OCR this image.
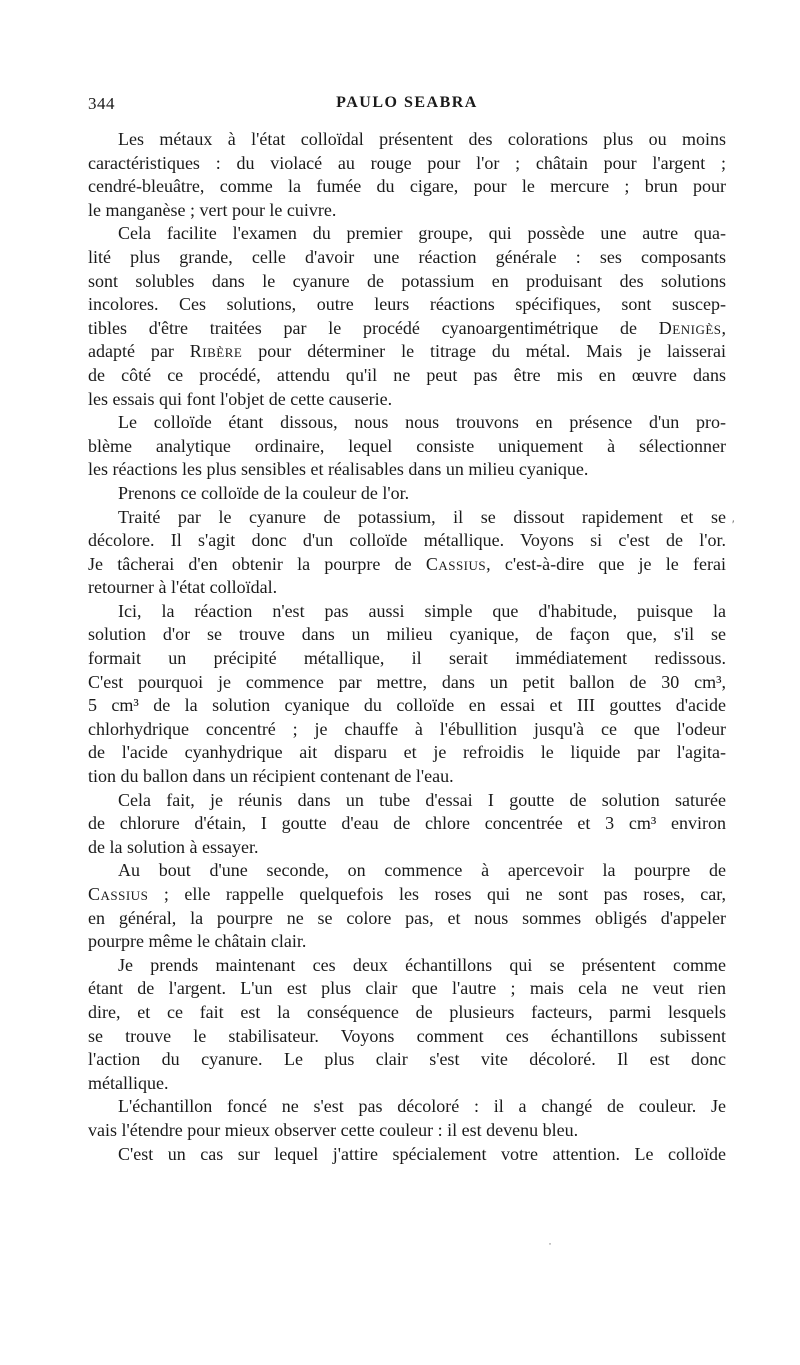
344	PAULO SEABRA
Les métaux à l'état colloïdal présentent des colorations plus ou moins
caractéristiques : du violacé au rouge pour l'or ; châtain pour l'argent ;
cendré-bleuâtre, comme la fumée du cigare, pour le mercure ; brun pour
le manganèse ; vert pour le cuivre.
Cela facilite l'examen du premier groupe, qui possède une autre qua-
lité plus grande, celle d'avoir une réaction générale : ses composants
sont solubles dans le cyanure de potassium en produisant des solutions
incolores. Ces solutions, outre leurs réactions spécifiques, sont suscep-
tibles d'être traitées par le procédé cyanoargentimétrique de Denigès,
adapté par Ribère pour déterminer le titrage du métal. Mais je laisserai
de côté ce procédé, attendu qu'il ne peut pas être mis en œuvre dans
les essais qui font l'objet de cette causerie.
Le colloïde étant dissous, nous nous trouvons en présence d'un pro-
blème analytique ordinaire, lequel consiste uniquement à sélectionner
les réactions les plus sensibles et réalisables dans un milieu cyanique.
Prenons ce colloïde de la couleur de l'or.
Traité par le cyanure de potassium, il se dissout rapidement et se
décolore. Il s'agit donc d'un colloïde métallique. Voyons si c'est de l'or.
Je tâcherai d'en obtenir la pourpre de Cassius, c'est-à-dire que je le ferai
retourner à l'état colloïdal.
Ici, la réaction n'est pas aussi simple que d'habitude, puisque la
solution d'or se trouve dans un milieu cyanique, de façon que, s'il se
formait un précipité métallique, il serait immédiatement redissous.
C'est pourquoi je commence par mettre, dans un petit ballon de 30 cm³,
5 cm³ de la solution cyanique du colloïde en essai et III gouttes d'acide
chlorhydrique concentré ; je chauffe à l'ébullition jusqu'à ce que l'odeur
de l'acide cyanhydrique ait disparu et je refroidis le liquide par l'agita-
tion du ballon dans un récipient contenant de l'eau.
Cela fait, je réunis dans un tube d'essai I goutte de solution saturée
de chlorure d'étain, I goutte d'eau de chlore concentrée et 3 cm³ environ
de la solution à essayer.
Au bout d'une seconde, on commence à apercevoir la pourpre de
Cassius ; elle rappelle quelquefois les roses qui ne sont pas roses, car,
en général, la pourpre ne se colore pas, et nous sommes obligés d'appeler
pourpre même le châtain clair.
Je prends maintenant ces deux échantillons qui se présentent comme
étant de l'argent. L'un est plus clair que l'autre ; mais cela ne veut rien
dire, et ce fait est la conséquence de plusieurs facteurs, parmi lesquels
se trouve le stabilisateur. Voyons comment ces échantillons subissent
l'action du cyanure. Le plus clair s'est vite décoloré. Il est donc
métallique.
L'échantillon foncé ne s'est pas décoloré : il a changé de couleur. Je
vais l'étendre pour mieux observer cette couleur : il est devenu bleu.
C'est un cas sur lequel j'attire spécialement votre attention. Le colloïde
′
˙
